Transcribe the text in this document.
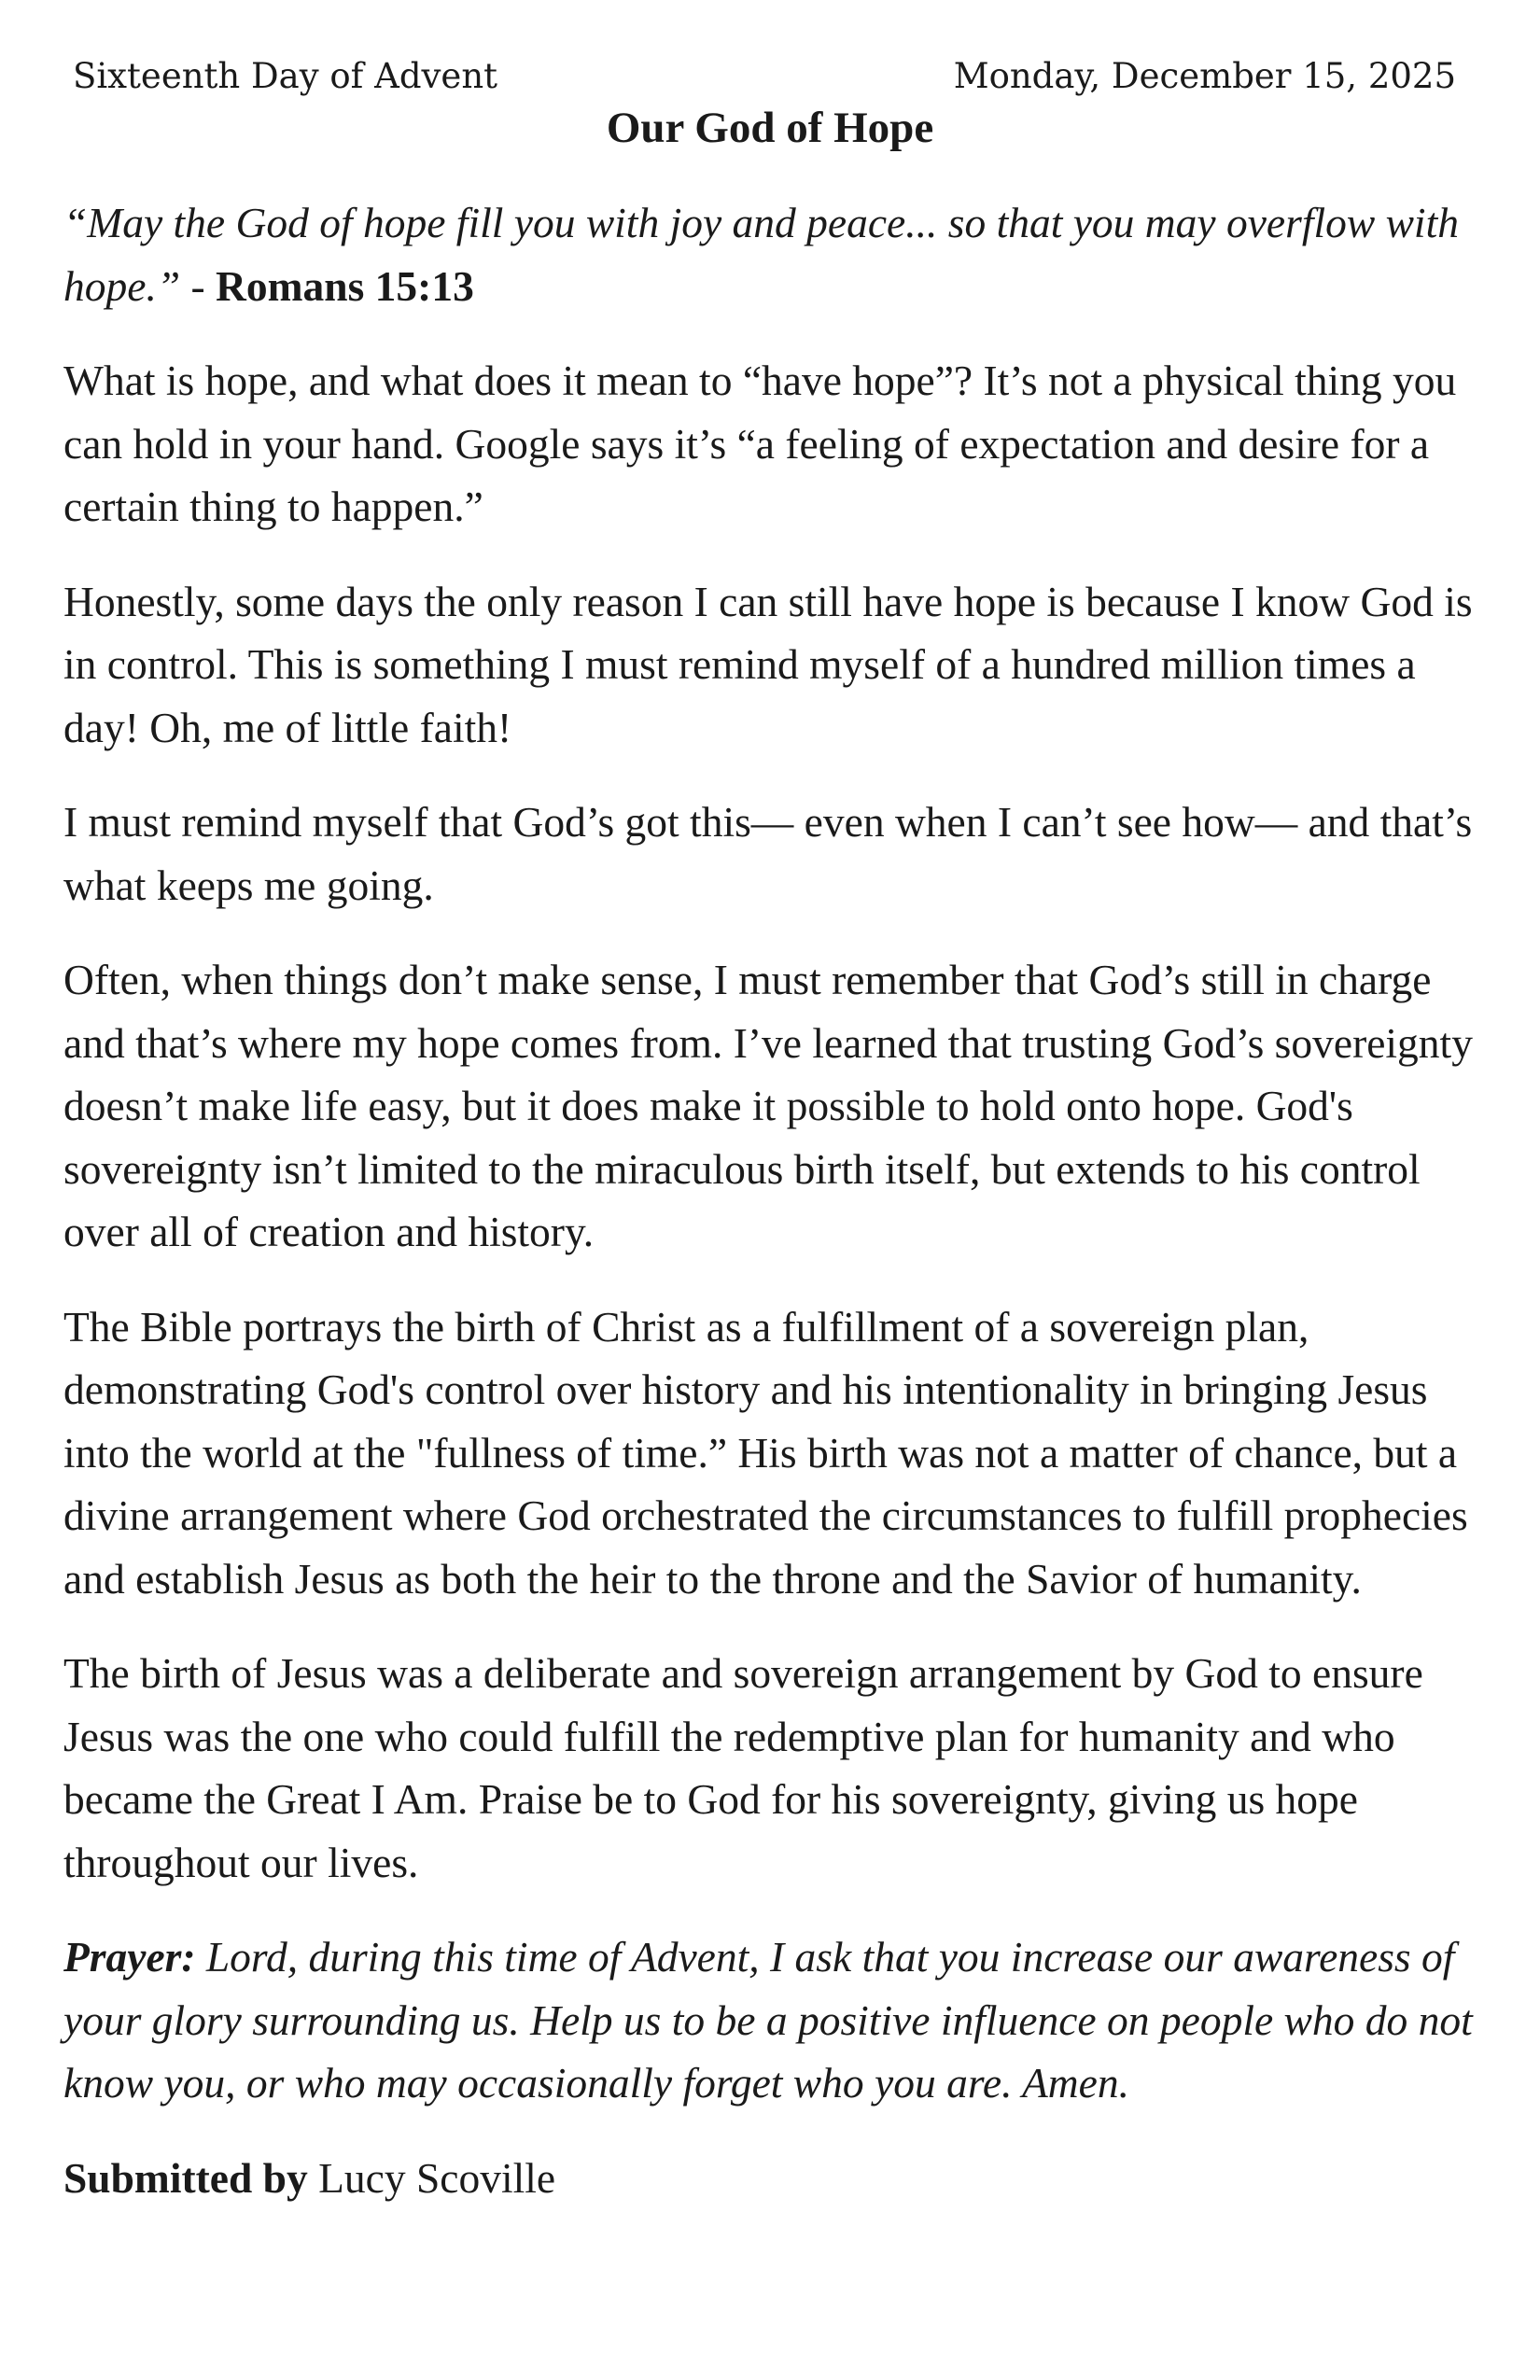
Sixteenth Day of Advent	Monday, December 15, 2025
Our God of Hope

“May the God of hope fill you with joy and peace... so that you may overflow with hope.” - Romans 15:13

What is hope, and what does it mean to “have hope”? It’s not a physical thing you can hold in your hand. Google says it’s “a feeling of expectation and desire for a certain thing to happen.”

Honestly, some days the only reason I can still have hope is because I know God is in control. This is something I must remind myself of a hundred million times a day! Oh, me of little faith!

I must remind myself that God’s got this— even when I can’t see how— and that’s what keeps me going.

Often, when things don’t make sense, I must remember that God’s still in charge and that’s where my hope comes from. I’ve learned that trusting God’s sovereignty doesn’t make life easy, but it does make it possible to hold onto hope. God's sovereignty isn’t limited to the miraculous birth itself, but extends to his control over all of creation and history.

The Bible portrays the birth of Christ as a fulfillment of a sovereign plan, demonstrating God's control over history and his intentionality in bringing Jesus into the world at the "fullness of time.” His birth was not a matter of chance, but a divine arrangement where God orchestrated the circumstances to fulfill prophecies and establish Jesus as both the heir to the throne and the Savior of humanity.

The birth of Jesus was a deliberate and sovereign arrangement by God to ensure Jesus was the one who could fulfill the redemptive plan for humanity and who became the Great I Am. Praise be to God for his sovereignty, giving us hope throughout our lives.

Prayer: Lord, during this time of Advent, I ask that you increase our awareness of your glory surrounding us. Help us to be a positive influence on people who do not know you, or who may occasionally forget who you are. Amen.

Submitted by Lucy Scoville
